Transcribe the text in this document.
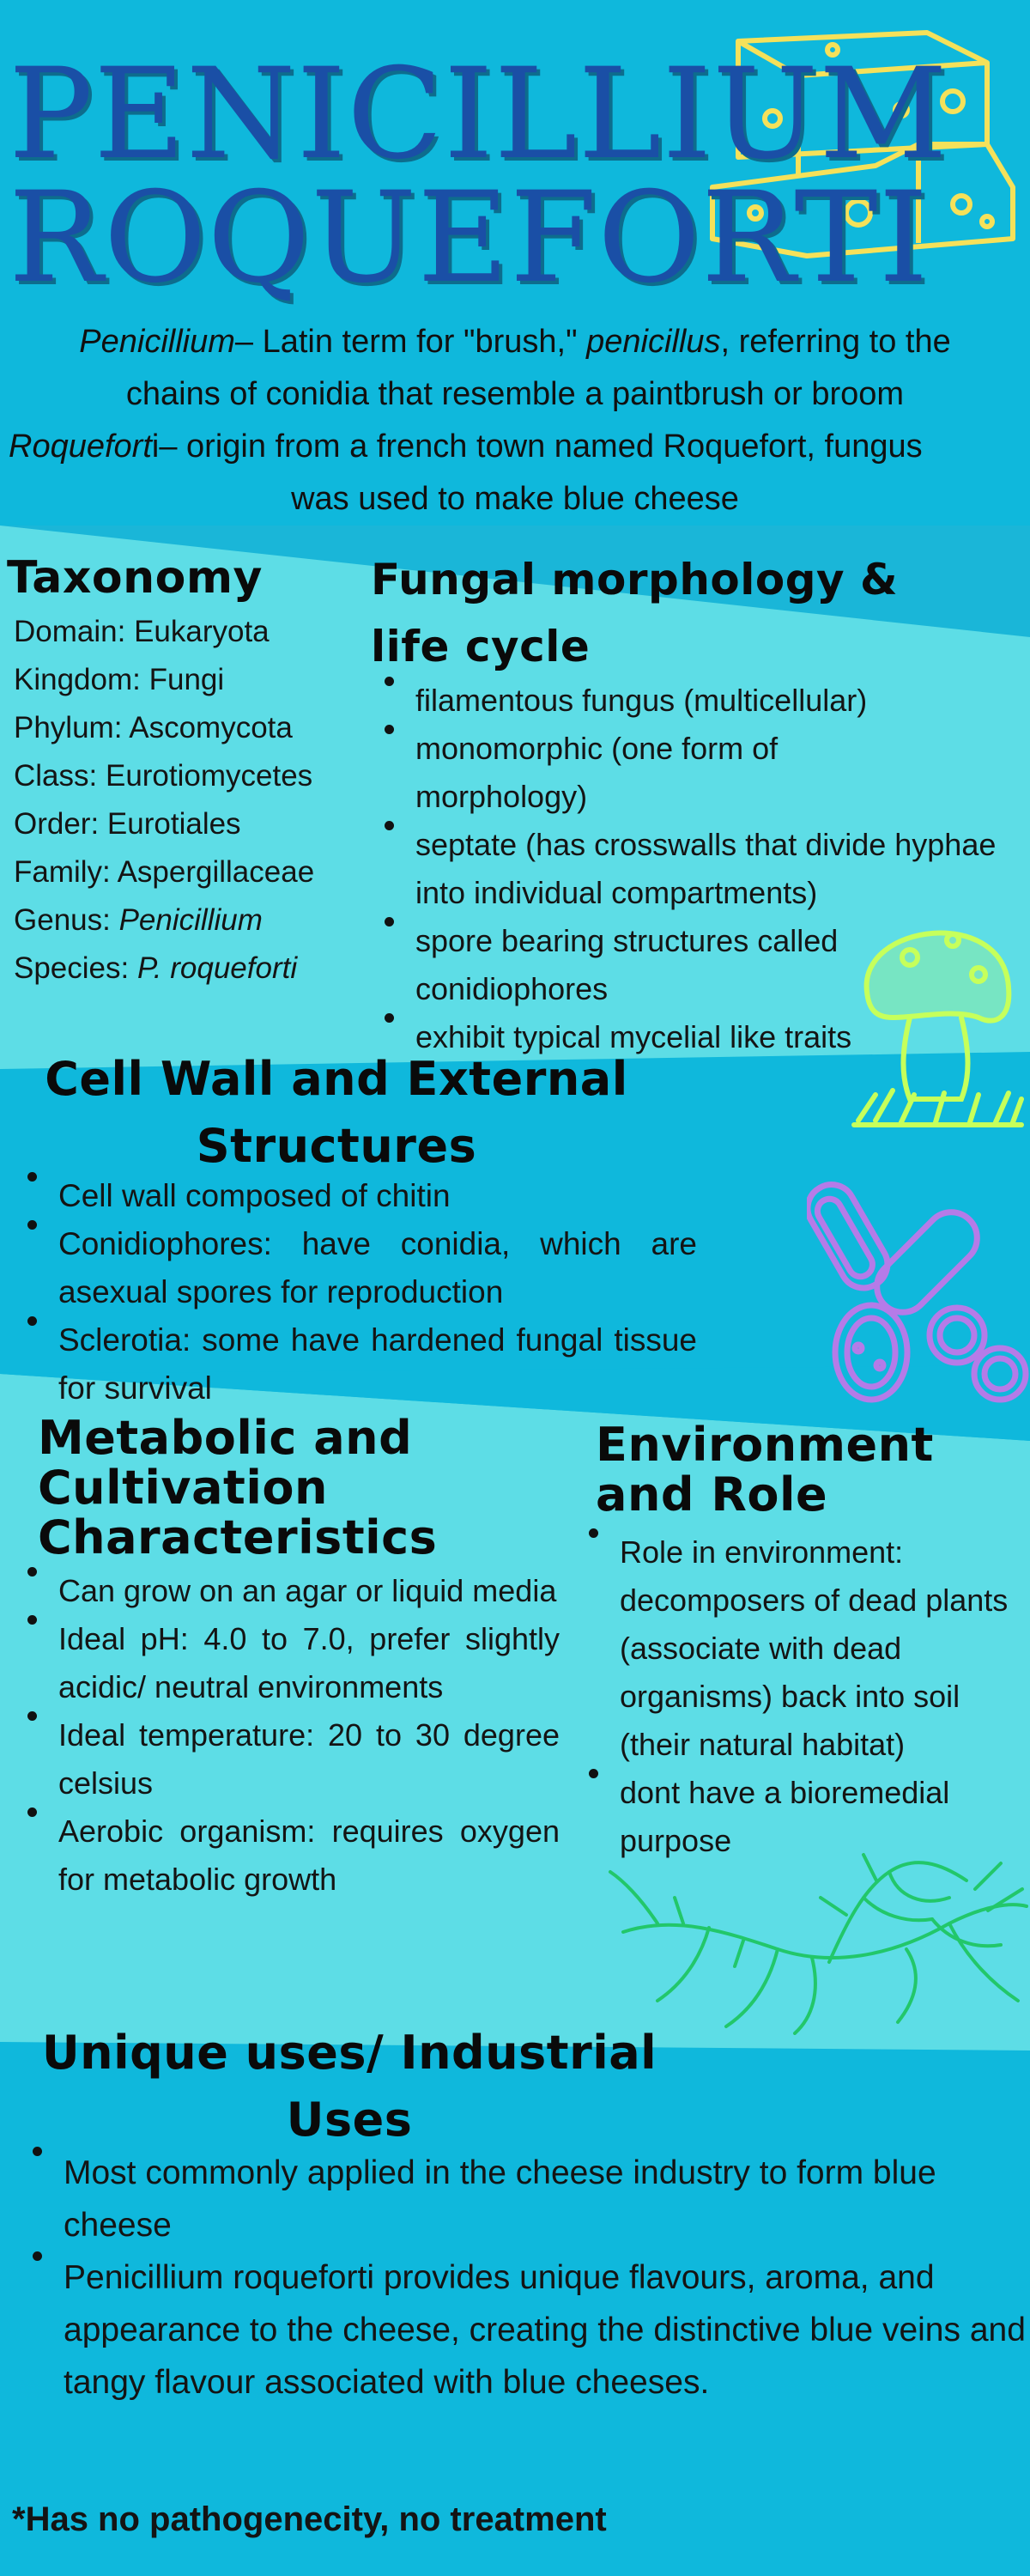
PENICILLIUM
ROQUEFORTI

Penicillium– Latin term for "brush," penicillus, referring to the

chains of conidia that resemble a paintbrush or broom

Roqueforti– origin from a french town named Roquefort, fungus

was used to make blue cheese

Taxonomy
Domain: Eukaryota
Kingdom: Fungi
Phylum: Ascomycota
Class: Eurotiomycetes
Order: Eurotiales
Family: Aspergillaceae
Genus: Penicillium
Species: P. roqueforti
Fungal morphology &
life cycle
filamentous fungus (multicellular)
monomorphic (one form of morphology)
septate (has crosswalls that divide hyphae into individual compartments)
spore bearing structures called conidiophores
exhibit typical mycelial like traits
Cell Wall and External
Structures
Cell wall composed of chitin
Conidiophores: have conidia, which are asexual spores for reproduction
Sclerotia: some have hardened fungal tissue for survival
Metabolic and
Cultivation
Characteristics
Can grow on an agar or liquid media
Ideal pH: 4.0 to 7.0, prefer slightly acidic/ neutral environments
Ideal temperature: 20 to 30 degree celsius
Aerobic organism: requires oxygen for metabolic growth
Environment
and Role
Role in environment: decomposers of dead plants (associate with dead organisms) back into soil (their natural habitat)
dont have a bioremedial purpose
Unique uses/ Industrial
Uses
Most commonly applied in the cheese industry to form blue cheese
Penicillium roqueforti provides unique flavours, aroma, and appearance to the cheese, creating the distinctive blue veins and tangy flavour associated with blue cheeses.
*Has no pathogenecity, no treatment
